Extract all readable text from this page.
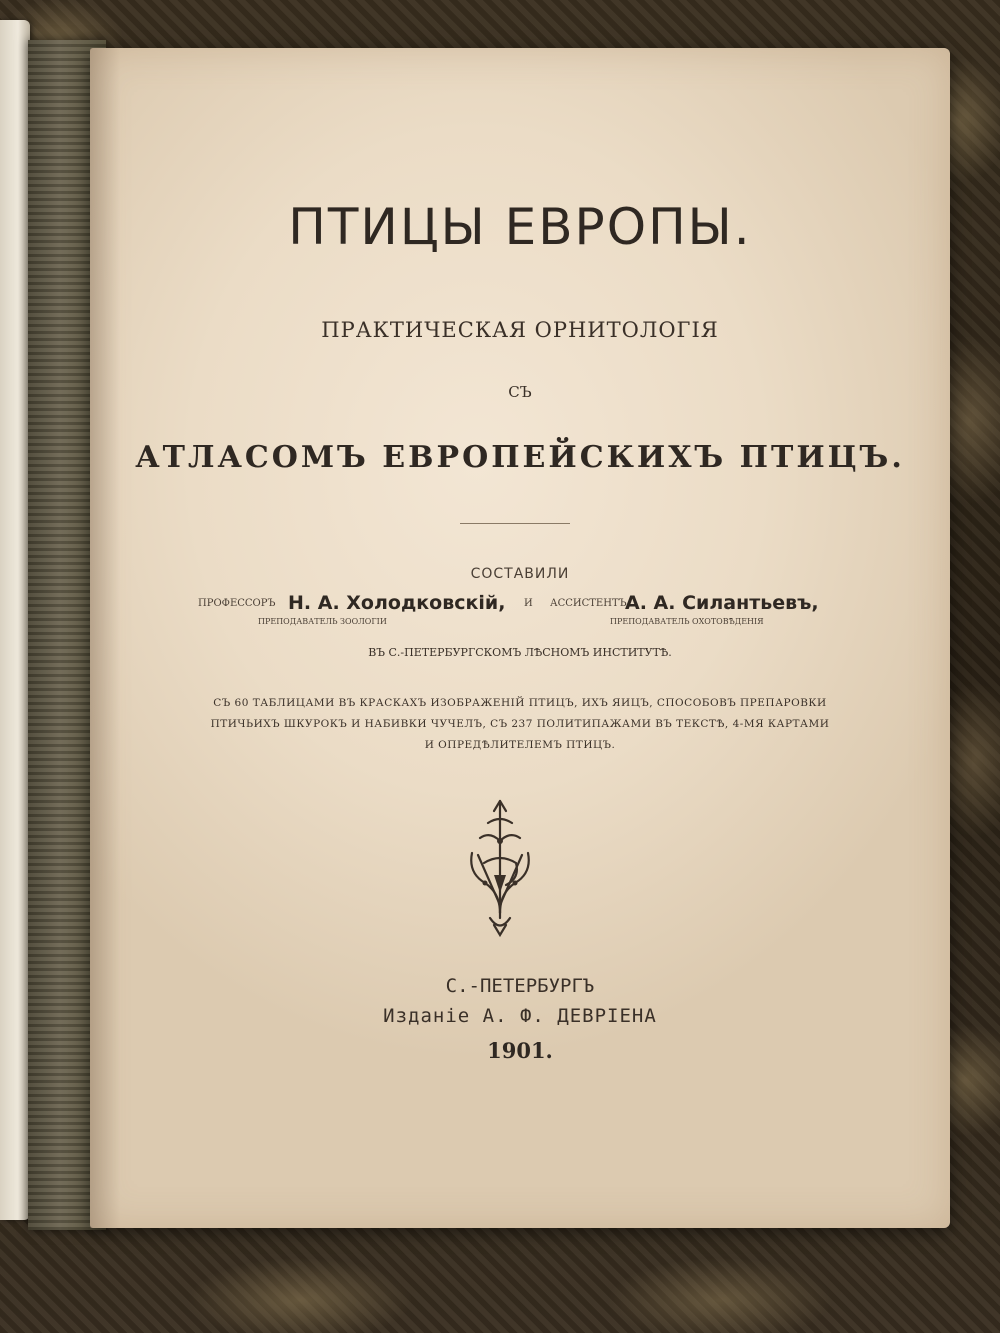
ПТИЦЫ ЕВРОПЫ.
ПРАКТИЧЕСКАЯ ОРНИТОЛОГІЯ
СЪ
АТЛАСОМЪ ЕВРОПЕЙСКИХЪ ПТИЦЪ.
СОСТАВИЛИ
ПРОФЕССОРЪ Н. А. Холодковскій,
ПРЕПОДАВАТЕЛЬ ЗООЛОГІИ
И АССИСТЕНТЪ
А. А. Силантьевъ,
ПРЕПОДАВАТЕЛЬ ОХОТОВѢДЕНІЯ
ВЪ С.-ПЕТЕРБУРГСКОМЪ ЛѢСНОМЪ ИНСТИТУТѢ.
СЪ 60 ТАБЛИЦАМИ ВЪ КРАСКАХЪ ИЗОБРАЖЕНІЙ ПТИЦЪ, ИХЪ ЯИЦЪ, СПОСОБОВЪ ПРЕПАРОВКИ
ПТИЧЬИХЪ ШКУРОКЪ И НАБИВКИ ЧУЧЕЛЪ, СЪ 237 ПОЛИТИПАЖАМИ ВЪ ТЕКСТѢ, 4-МЯ КАРТАМИ
И ОПРЕДѢЛИТЕЛЕМЪ ПТИЦЪ.
С.-ПЕТЕРБУРГЪ
Изданіе А. Ф. ДЕВРІЕНА
1901.
